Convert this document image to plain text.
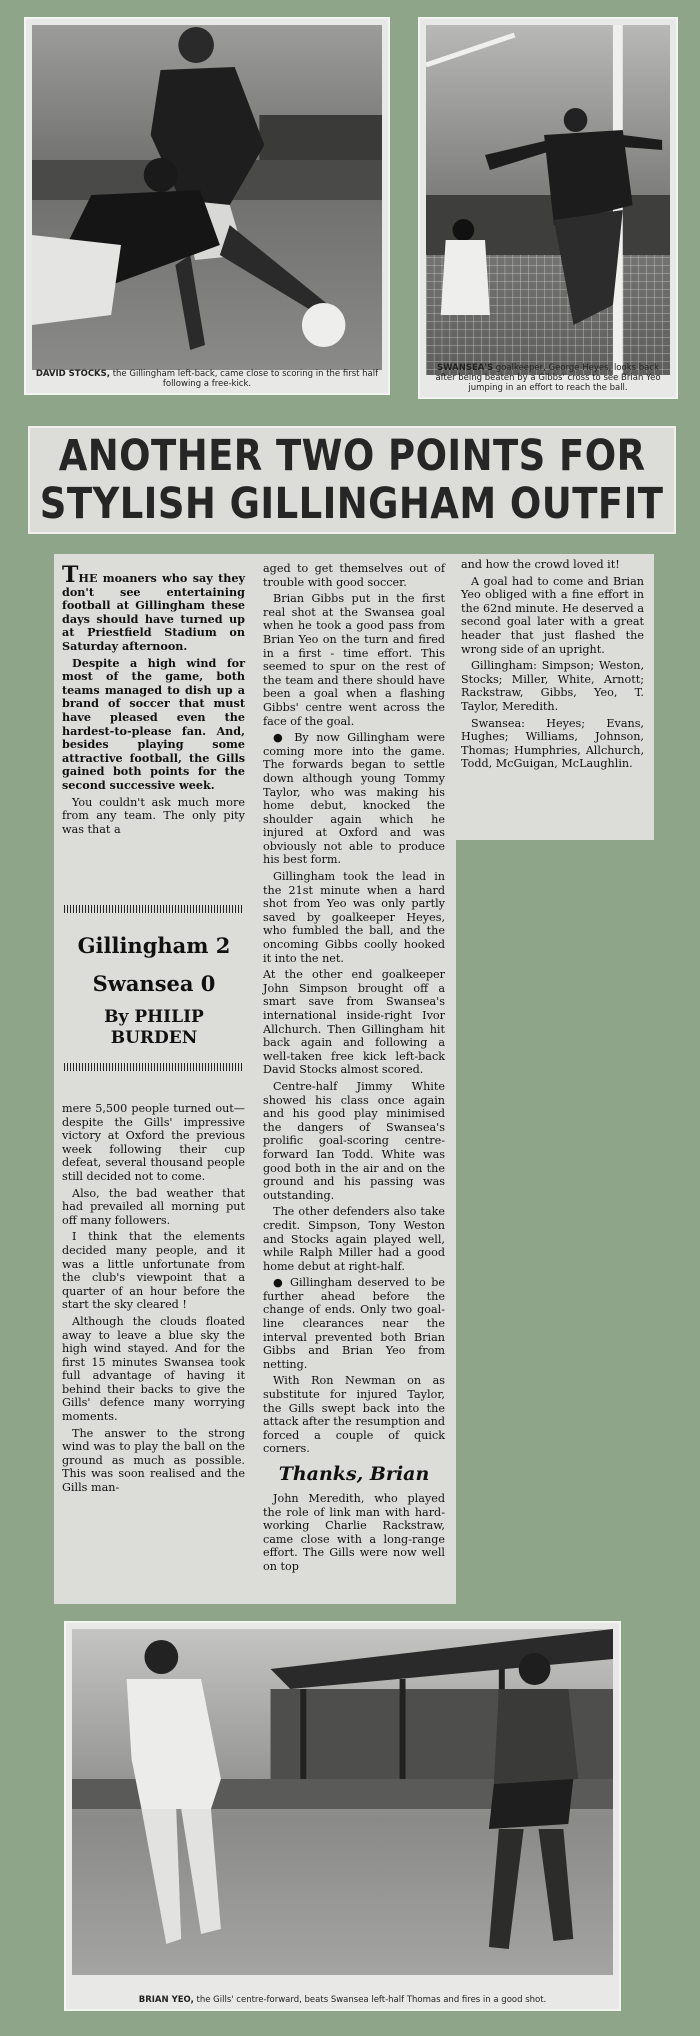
DAVID STOCKS, the Gillingham left-back, came close to scoring in the first half following a free-kick.
SWANSEA'S goalkeeper, George Heyes, looks back after being beaten by a Gibbs' cross to see Brian Yeo jumping in an effort to reach the ball.
ANOTHER TWO POINTS FOR
STYLISH GILLINGHAM OUTFIT

THE moaners who say they don't see entertaining football at Gillingham these days should have turned up at Priestfield Stadium on Saturday afternoon.

Despite a high wind for most of the game, both teams managed to dish up a brand of soccer that must have pleased even the hardest-to-please fan. And, besides playing some attractive football, the Gills gained both points for the second successive week.

You couldn't ask much more from any team. The only pity was that a

Gillingham 2
Swansea 0
By PHILIP
BURDEN

mere 5,500 people turned out— despite the Gills' impressive victory at Oxford the previous week following their cup defeat, several thousand people still decided not to come.

Also, the bad weather that had prevailed all morning put off many followers.

I think that the elements decided many people, and it was a little unfortunate from the club's viewpoint that a quarter of an hour before the start the sky cleared !

Although the clouds floated away to leave a blue sky the high wind stayed. And for the first 15 minutes Swansea took full advantage of having it behind their backs to give the Gills' defence many worrying moments.

The answer to the strong wind was to play the ball on the ground as much as possible. This was soon realised and the Gills man-

aged to get themselves out of trouble with good soccer.

Brian Gibbs put in the first real shot at the Swansea goal when he took a good pass from Brian Yeo on the turn and fired in a first - time effort. This seemed to spur on the rest of the team and there should have been a goal when a flashing Gibbs' centre went across the face of the goal.

● By now Gillingham were coming more into the game. The forwards began to settle down although young Tommy Taylor, who was making his home debut, knocked the shoulder again which he injured at Oxford and was obviously not able to produce his best form.

Gillingham took the lead in the 21st minute when a hard shot from Yeo was only partly saved by goalkeeper Heyes, who fumbled the ball, and the oncoming Gibbs coolly hooked it into the net.

At the other end goalkeeper John Simpson brought off a smart save from Swansea's international inside-right Ivor Allchurch. Then Gillingham hit back again and following a well-taken free kick left-back David Stocks almost scored.

Centre-half Jimmy White showed his class once again and his good play minimised the dangers of Swansea's prolific goal-scoring centre-forward Ian Todd. White was good both in the air and on the ground and his passing was outstanding.

The other defenders also take credit. Simpson, Tony Weston and Stocks again played well, while Ralph Miller had a good home debut at right-half.

● Gillingham deserved to be further ahead before the change of ends. Only two goal-line clearances near the interval prevented both Brian Gibbs and Brian Yeo from netting.

With Ron Newman on as substitute for injured Taylor, the Gills swept back into the attack after the resumption and forced a couple of quick corners.

Thanks, Brian

John Meredith, who played the role of link man with hard-working Charlie Rackstraw, came close with a long-range effort. The Gills were now well on top

and how the crowd loved it!

A goal had to come and Brian Yeo obliged with a fine effort in the 62nd minute. He deserved a second goal later with a great header that just flashed the wrong side of an upright.

Gillingham: Simpson; Weston, Stocks; Miller, White, Arnott; Rackstraw, Gibbs, Yeo, T. Taylor, Meredith.

Swansea: Heyes; Evans, Hughes; Williams, Johnson, Thomas; Humphries, Allchurch, Todd, McGuigan, McLaughlin.

BRIAN YEO, the Gills' centre-forward, beats Swansea left-half Thomas and fires in a good shot.
